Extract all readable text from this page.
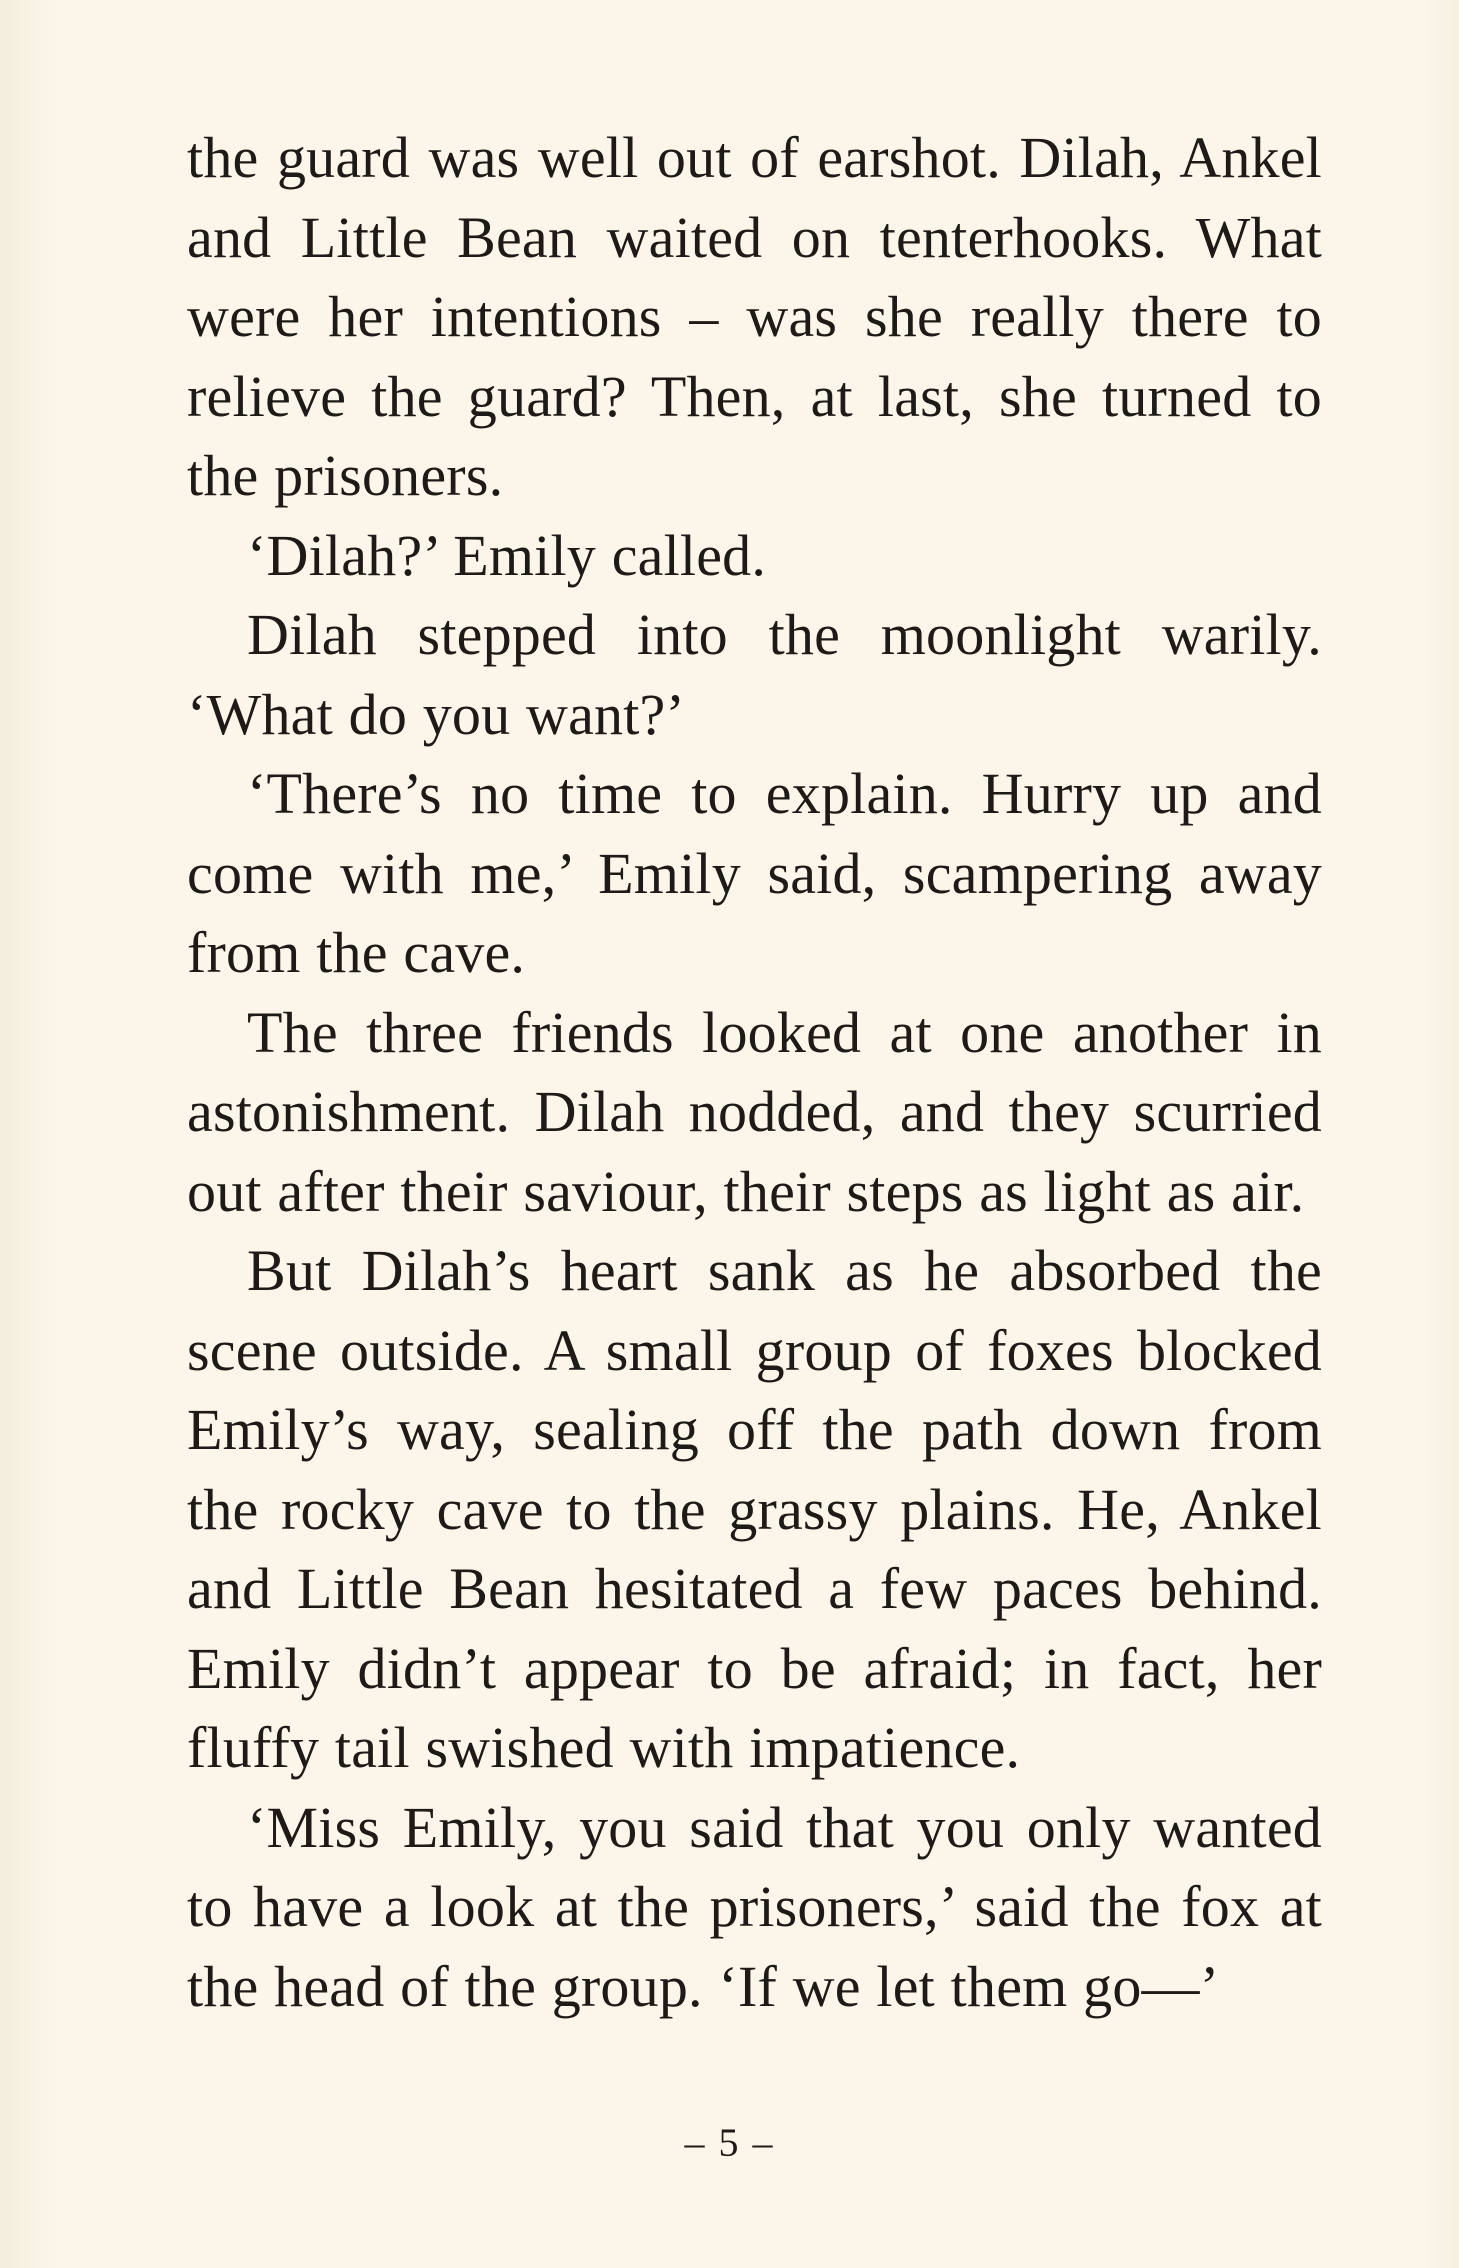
the guard was well out of earshot. Dilah, Ankel and Little Bean waited on tenterhooks. What were her intentions – was she really there to relieve the guard? Then, at last, she turned to the prisoners.

‘Dilah?’ Emily called.

Dilah stepped into the moonlight warily. ‘What do you want?’

‘There’s no time to explain. Hurry up and come with me,’ Emily said, scampering away from the cave.

The three friends looked at one another in astonishment. Dilah nodded, and they scurried out after their saviour, their steps as light as air.

But Dilah’s heart sank as he absorbed the scene outside. A small group of foxes blocked Emily’s way, sealing off the path down from the rocky cave to the grassy plains. He, Ankel and Little Bean hesitated a few paces behind. Emily didn’t appear to be afraid; in fact, her fluffy tail swished with impatience.

‘Miss Emily, you said that you only wanted to have a look at the prisoners,’ said the fox at the head of the group. ‘If we let them go—’

– 5 –
